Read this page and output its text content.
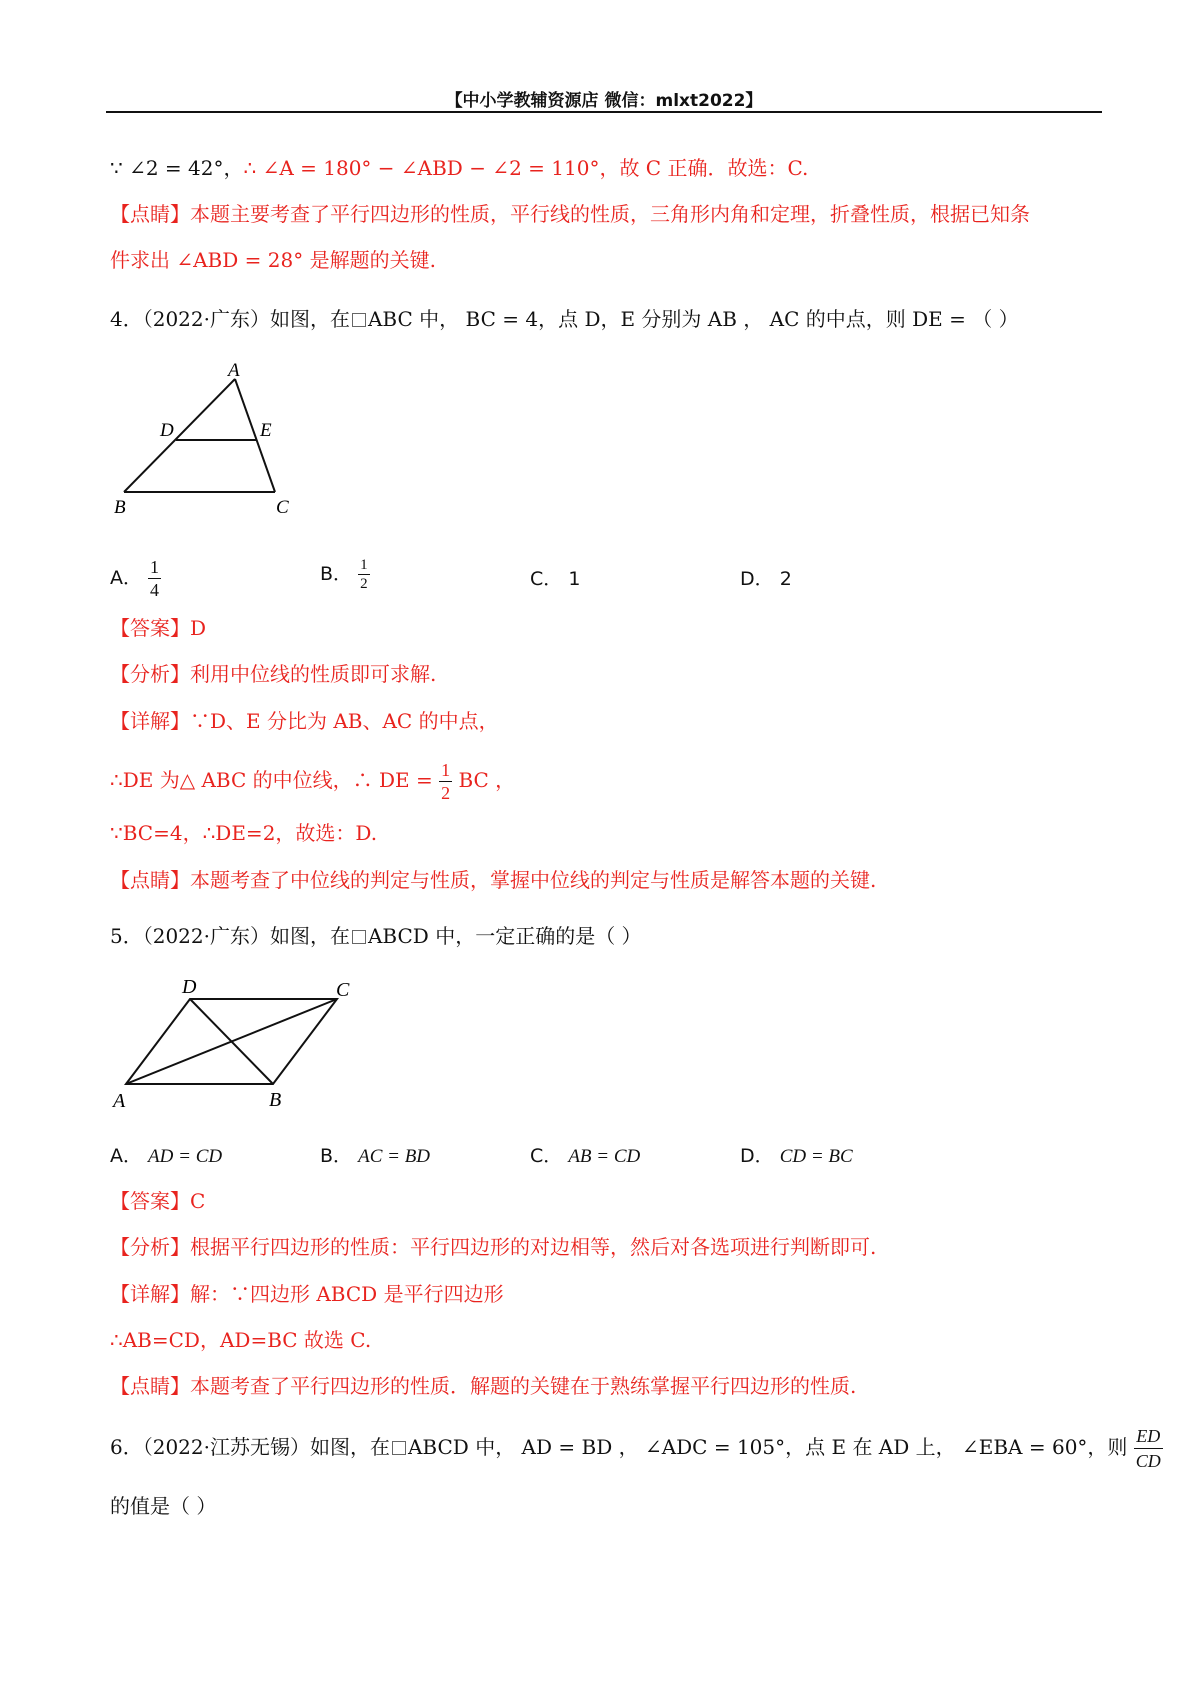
【中小学教辅资源店 微信：mlxt2022】
∵ ∠2 = 42°，∴ ∠A = 180° − ∠ABD − ∠2 = 110°，故 C 正确．故选：C.
【点睛】本题主要考查了平行四边形的性质，平行线的性质，三角形内角和定理，折叠性质，根据已知条
件求出 ∠ABD = 28° 是解题的关键.
4．（2022·广东）如图，在 ABC 中， BC = 4，点 D，E 分别为 AB ， AC 的中点，则 DE = （ ）
A
D	E
B	C
A． $\frac{1}{4}$	B． $\frac{1}{2}$	C． 1	D． 2
【答案】D
【分析】利用中位线的性质即可求解.
【详解】∵D、E 分比为 AB、AC 的中点，
∴DE 为△ ABC 的中位线，∴ DE = $\frac{1}{2}$ BC ，
∵BC=4，∴DE=2，故选：D.
【点睛】本题考查了中位线的判定与性质，掌握中位线的判定与性质是解答本题的关键.
5．（2022·广东）如图，在 ABCD 中，一定正确的是（ ）
D	C
A	B
A． AD = CD	B． AC = BD	C． AB = CD	D． CD = BC
【答案】C
【分析】根据平行四边形的性质：平行四边形的对边相等，然后对各选项进行判断即可.
【详解】解：∵四边形 ABCD 是平行四边形
∴AB=CD，AD=BC 故选 C.
【点睛】本题考查了平行四边形的性质．解题的关键在于熟练掌握平行四边形的性质.
6．（2022·江苏无锡）如图，在 ABCD 中， AD = BD ， ∠ADC = 105°，点 E 在 AD 上， ∠EBA = 60°，则 $\frac{ED}{CD}$
的值是（ ）
